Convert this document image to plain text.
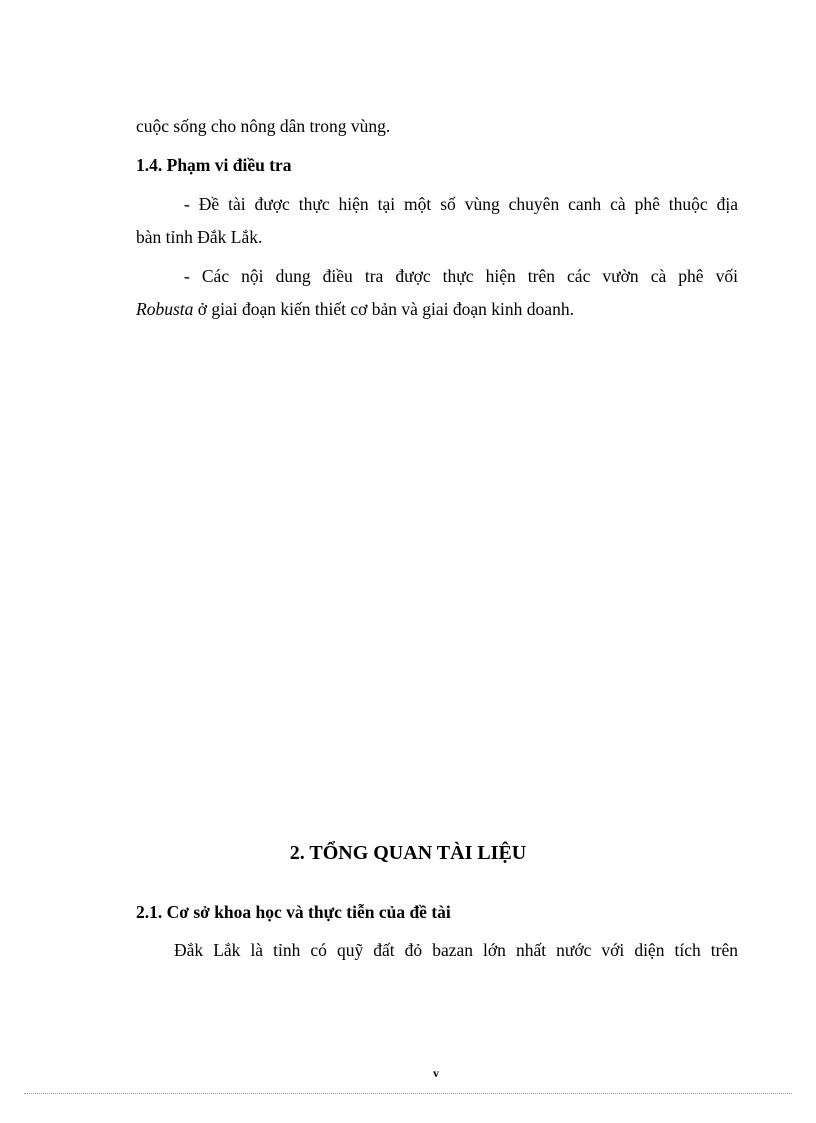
cuộc sống cho nông dân trong vùng.
1.4. Phạm vi điều tra
- Đề tài được thực hiện tại một số vùng chuyên canh cà phê thuộc địa
bàn tỉnh Đắk Lắk.
- Các nội dung điều tra được thực hiện trên các vườn cà phê vối
Robusta ở giai đoạn kiến thiết cơ bản và giai đoạn kinh doanh.
2. TỔNG QUAN TÀI LIỆU
2.1. Cơ sở khoa học và thực tiễn của đề tài
Đắk Lắk là tỉnh có quỹ đất đỏ bazan lớn nhất nước với diện tích trên
v
